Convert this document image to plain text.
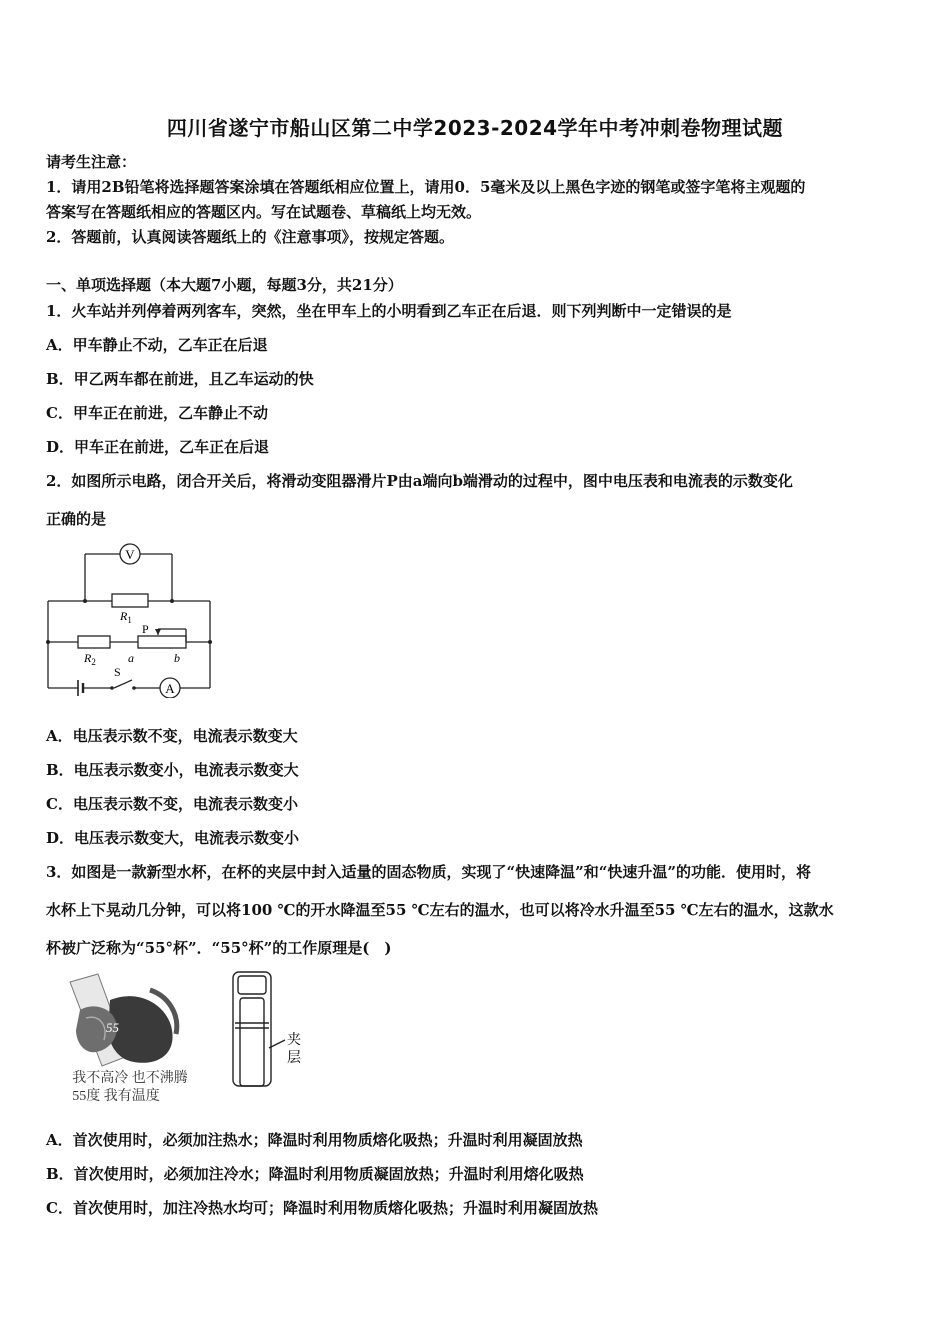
四川省遂宁市船山区第二中学2023-2024学年中考冲刺卷物理试题
请考生注意：
1．请用2B铅笔将选择题答案涂填在答题纸相应位置上，请用0．5毫米及以上黑色字迹的钢笔或签字笔将主观题的
答案写在答题纸相应的答题区内。写在试题卷、草稿纸上均无效。
2．答题前，认真阅读答题纸上的《注意事项》，按规定答题。
一、单项选择题（本大题7小题，每题3分，共21分）
1．火车站并列停着两列客车，突然，坐在甲车上的小明看到乙车正在后退．则下列判断中一定错误的是
A．甲车静止不动，乙车正在后退
B．甲乙两车都在前进，且乙车运动的快
C．甲车正在前进，乙车静止不动
D．甲车正在前进，乙车正在后退
2．如图所示电路，闭合开关后，将滑动变阻器滑片P由a端向b端滑动的过程中，图中电压表和电流表的示数变化
正确的是
V
A
$R_1$
$R_2$
P
a	b
S
A．电压表示数不变，电流表示数变大
B．电压表示数变小，电流表示数变大
C．电压表示数不变，电流表示数变小
D．电压表示数变大，电流表示数变小
3．如图是一款新型水杯，在杯的夹层中封入适量的固态物质，实现了“快速降温”和“快速升温”的功能．使用时，将
水杯上下晃动几分钟，可以将100 ℃的开水降温至55 ℃左右的温水，也可以将冷水升温至55 ℃左右的温水，这款水
杯被广泛称为“55°杯”．“55°杯”的工作原理是(　)
55
我不高冷 也不沸腾
55度 我有温度
夹
层
A．首次使用时，必须加注热水；降温时利用物质熔化吸热；升温时利用凝固放热
B．首次使用时，必须加注冷水；降温时利用物质凝固放热；升温时利用熔化吸热
C．首次使用时，加注冷热水均可；降温时利用物质熔化吸热；升温时利用凝固放热
